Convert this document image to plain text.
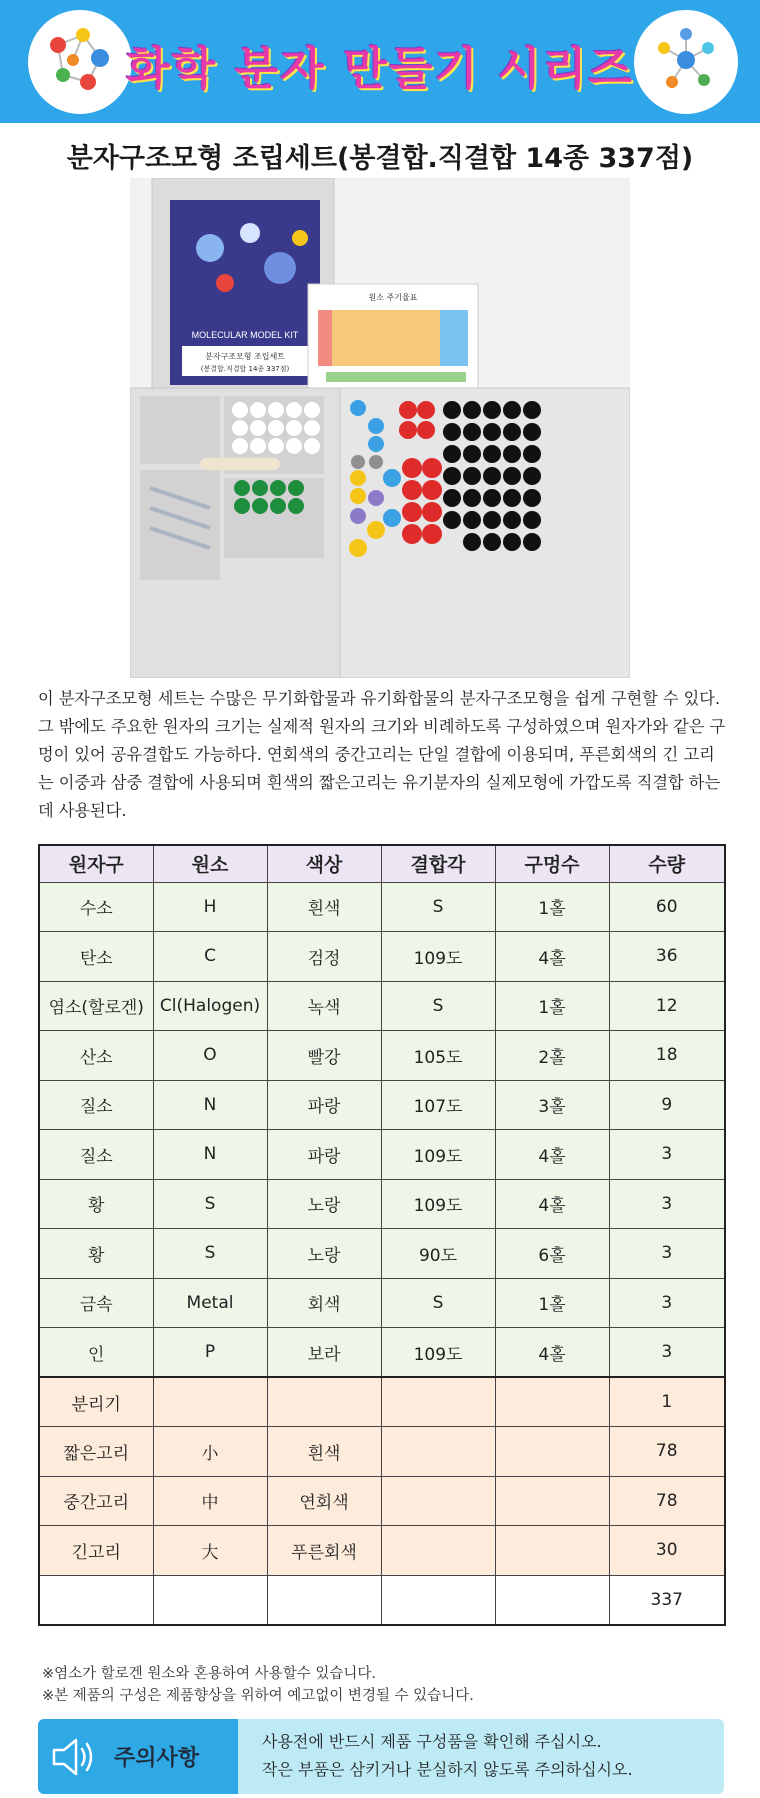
화학 분자 만들기 시리즈
분자구조모형 조립세트(봉결합.직결합 14종 337점)
MOLECULAR MODEL KIT
분자구조모형 조립세트
(봉결합.직결합 14종 337점)
원소 주기율표

이 분자구조모형 세트는 수많은 무기화합물과 유기화합물의 분자구조모형을 쉽게 구현할 수 있다. 그 밖에도 주요한 원자의 크기는 실제적 원자의 크기와 비례하도록 구성하였으며 원자가와 같은 구멍이 있어 공유결합도 가능하다. 연회색의 중간고리는 단일 결합에 이용되며, 푸른회색의 긴 고리는 이중과 삼중 결합에 사용되며 흰색의 짧은고리는 유기분자의 실제모형에 가깝도록 직결합 하는데 사용된다.

원자구	원소	색상	결합각	구멍수	수량
수소	H	흰색	S	1홀	60
탄소	C	검정	109도	4홀	36
염소(할로겐)	Cl(Halogen)	녹색	S	1홀	12
산소	O	빨강	105도	2홀	18
질소	N	파랑	107도	3홀	9
질소	N	파랑	109도	4홀	3
황	S	노랑	109도	4홀	3
황	S	노랑	90도	6홀	3
금속	Metal	회색	S	1홀	3
인	P	보라	109도	4홀	3
분리기					1
짧은고리	小	흰색			78
중간고리	中	연회색			78
긴고리	大	푸른회색			30
					337
※염소가 할로겐 원소와 혼용하여 사용할수 있습니다.
※본 제품의 구성은 제품향상을 위하여 예고없이 변경될 수 있습니다.
주의사항
사용전에 반드시 제품 구성품을 확인해 주십시오.
작은 부품은 삼키거나 분실하지 않도록 주의하십시오.
